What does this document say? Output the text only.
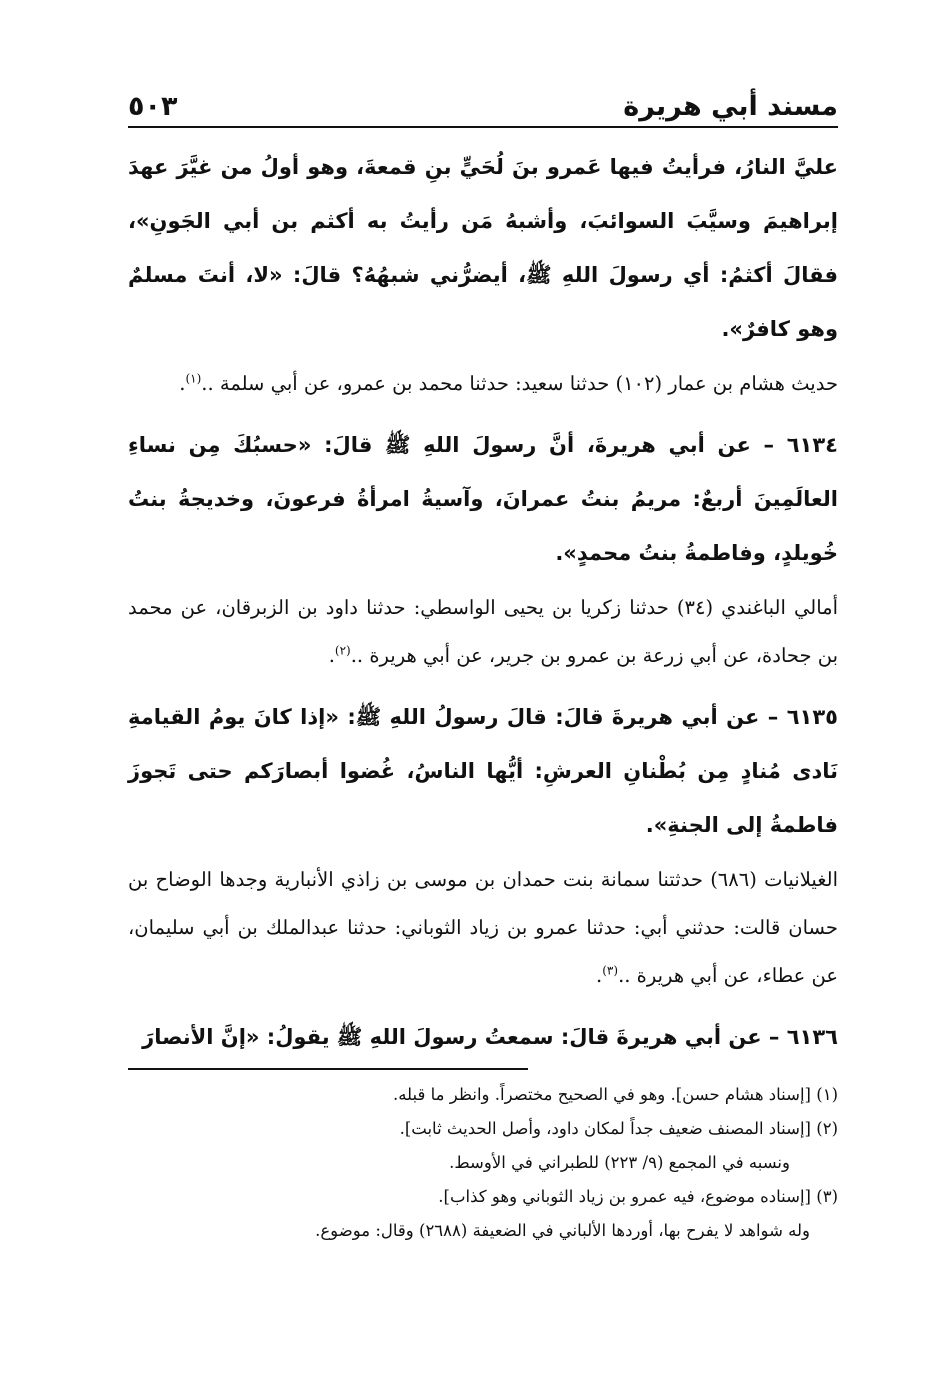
مسند أبي هريرة
٥٠٣

عليَّ النارُ، فرأيتُ فيها عَمرو بنَ لُحَيٍّ بنِ قمعةَ، وهو أولُ من غيَّرَ عهدَ إبراهيمَ وسيَّبَ السوائبَ، وأشبهُ مَن رأيتُ به أكثم بن أبي الجَونِ»، فقالَ أكثمُ: أي رسولَ اللهِ ﷺ، أيضرُّني شبهُهُ؟ قالَ: «لا، أنتَ مسلمٌ وهو كافرٌ».

حديث هشام بن عمار (١٠٢) حدثنا سعيد: حدثنا محمد بن عمرو، عن أبي سلمة ..$^{(١)}$.

٦١٣٤ – عن أبي هريرةَ، أنَّ رسولَ اللهِ ﷺ قالَ: «حسبُكَ مِن نساءِ العالَمِينَ أربعٌ: مريمُ بنتُ عمرانَ، وآسيةُ امرأةُ فرعونَ، وخديجةُ بنتُ خُويلدٍ، وفاطمةُ بنتُ محمدٍ».

أمالي الباغندي (٣٤) حدثنا زكريا بن يحيى الواسطي: حدثنا داود بن الزبرقان، عن محمد بن جحادة، عن أبي زرعة بن عمرو بن جرير، عن أبي هريرة ..$^{(٢)}$.

٦١٣٥ – عن أبي هريرةَ قالَ: قالَ رسولُ اللهِ ﷺ: «إذا كانَ يومُ القيامةِ نَادى مُنادٍ مِن بُطْنانِ العرشِ: أيُّها الناسُ، غُضوا أبصارَكم حتى تَجوزَ فاطمةُ إلى الجنةِ».

الغيلانيات (٦٨٦) حدثتنا سمانة بنت حمدان بن موسى بن زاذي الأنبارية وجدها الوضاح بن حسان قالت: حدثني أبي: حدثنا عمرو بن زياد الثوباني: حدثنا عبدالملك بن أبي سليمان، عن عطاء، عن أبي هريرة ..$^{(٣)}$.

٦١٣٦ – عن أبي هريرةَ قالَ: سمعتُ رسولَ اللهِ ﷺ يقولُ: «إنَّ الأنصارَ

(١) [إسناد هشام حسن]. وهو في الصحيح مختصراً. وانظر ما قبله.

(٢) [إسناد المصنف ضعيف جداً لمكان داود، وأصل الحديث ثابت].

ونسبه في المجمع (٩/ ٢٢٣) للطبراني في الأوسط.

(٣) [إسناده موضوع، فيه عمرو بن زياد الثوباني وهو كذاب].

وله شواهد لا يفرح بها، أوردها الألباني في الضعيفة (٢٦٨٨) وقال: موضوع.
